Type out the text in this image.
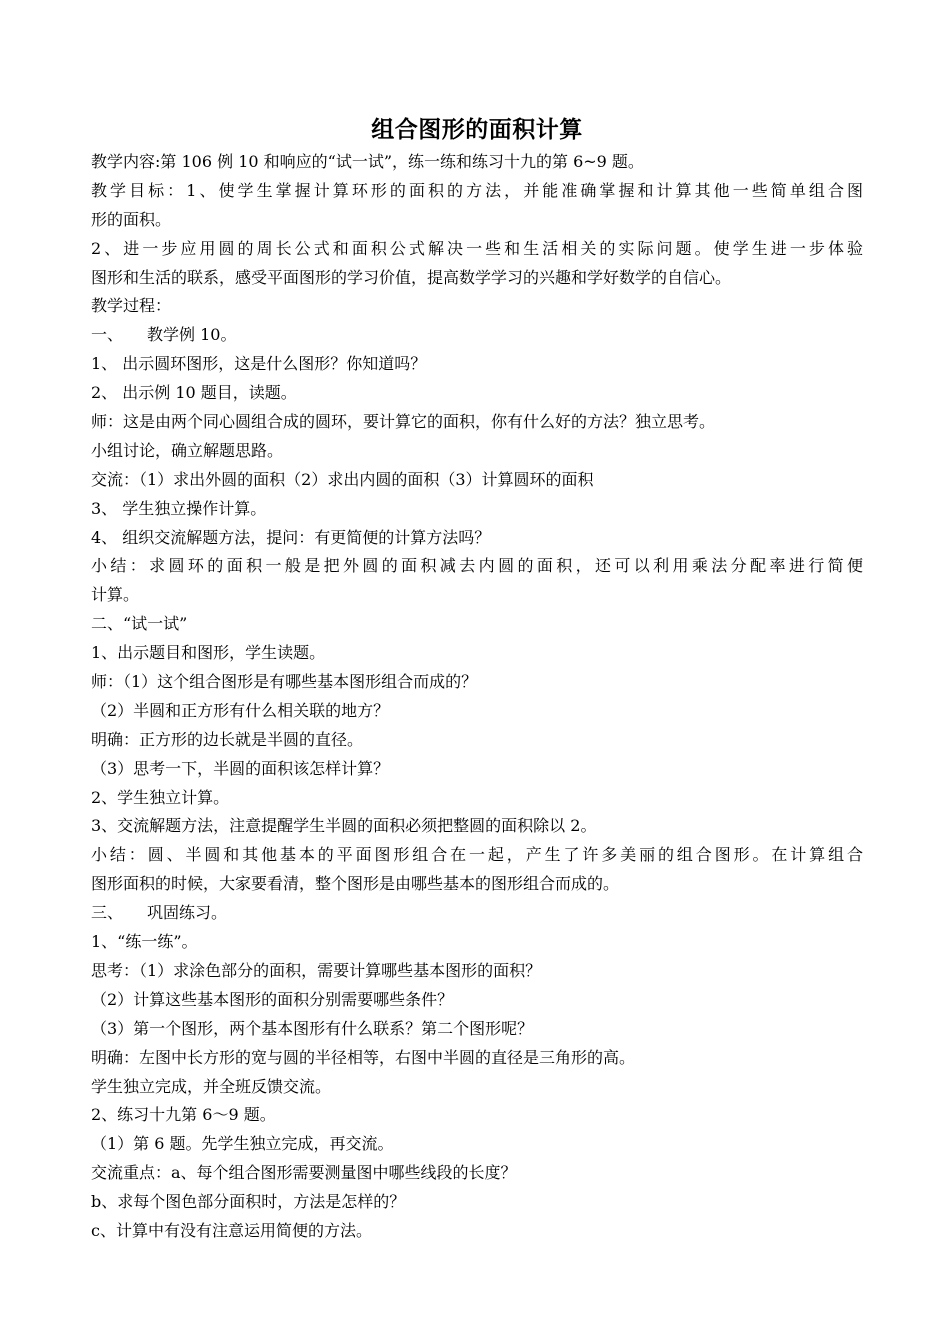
组合图形的面积计算

教学内容:第 106 例 10 和响应的“试一试”，练一练和练习十九的第 6~9 题。

教学目标：1、使学生掌握计算环形的面积的方法，并能准确掌握和计算其他一些简单组合图

形的面积。

2、进一步应用圆的周长公式和面积公式解决一些和生活相关的实际问题。使学生进一步体验

图形和生活的联系，感受平面图形的学习价值，提高数学学习的兴趣和学好数学的自信心。

教学过程：

一、　　教学例 10。

1、 出示圆环图形，这是什么图形？你知道吗？

2、 出示例 10 题目，读题。

师：这是由两个同心圆组合成的圆环，要计算它的面积，你有什么好的方法？独立思考。

小组讨论，确立解题思路。

交流：（1）求出外圆的面积（2）求出内圆的面积（3）计算圆环的面积

3、 学生独立操作计算。

4、 组织交流解题方法，提问：有更简便的计算方法吗？

小结：求圆环的面积一般是把外圆的面积减去内圆的面积，还可以利用乘法分配率进行简便

计算。

二、“试一试”

1、出示题目和图形，学生读题。

师：（1）这个组合图形是有哪些基本图形组合而成的？

（2）半圆和正方形有什么相关联的地方？

明确：正方形的边长就是半圆的直径。

（3）思考一下，半圆的面积该怎样计算？

2、学生独立计算。

3、交流解题方法，注意提醒学生半圆的面积必须把整圆的面积除以 2。

小结：圆、半圆和其他基本的平面图形组合在一起，产生了许多美丽的组合图形。在计算组合

图形面积的时候，大家要看清，整个图形是由哪些基本的图形组合而成的。

三、　　巩固练习。

1、“练一练”。

思考：（1）求涂色部分的面积，需要计算哪些基本图形的面积？

（2）计算这些基本图形的面积分别需要哪些条件？

（3）第一个图形，两个基本图形有什么联系？第二个图形呢？

明确：左图中长方形的宽与圆的半径相等，右图中半圆的直径是三角形的高。

学生独立完成，并全班反馈交流。

2、练习十九第 6～9 题。

（1）第 6 题。先学生独立完成，再交流。

交流重点：a、每个组合图形需要测量图中哪些线段的长度？

b、求每个图色部分面积时，方法是怎样的？

c、计算中有没有注意运用简便的方法。
